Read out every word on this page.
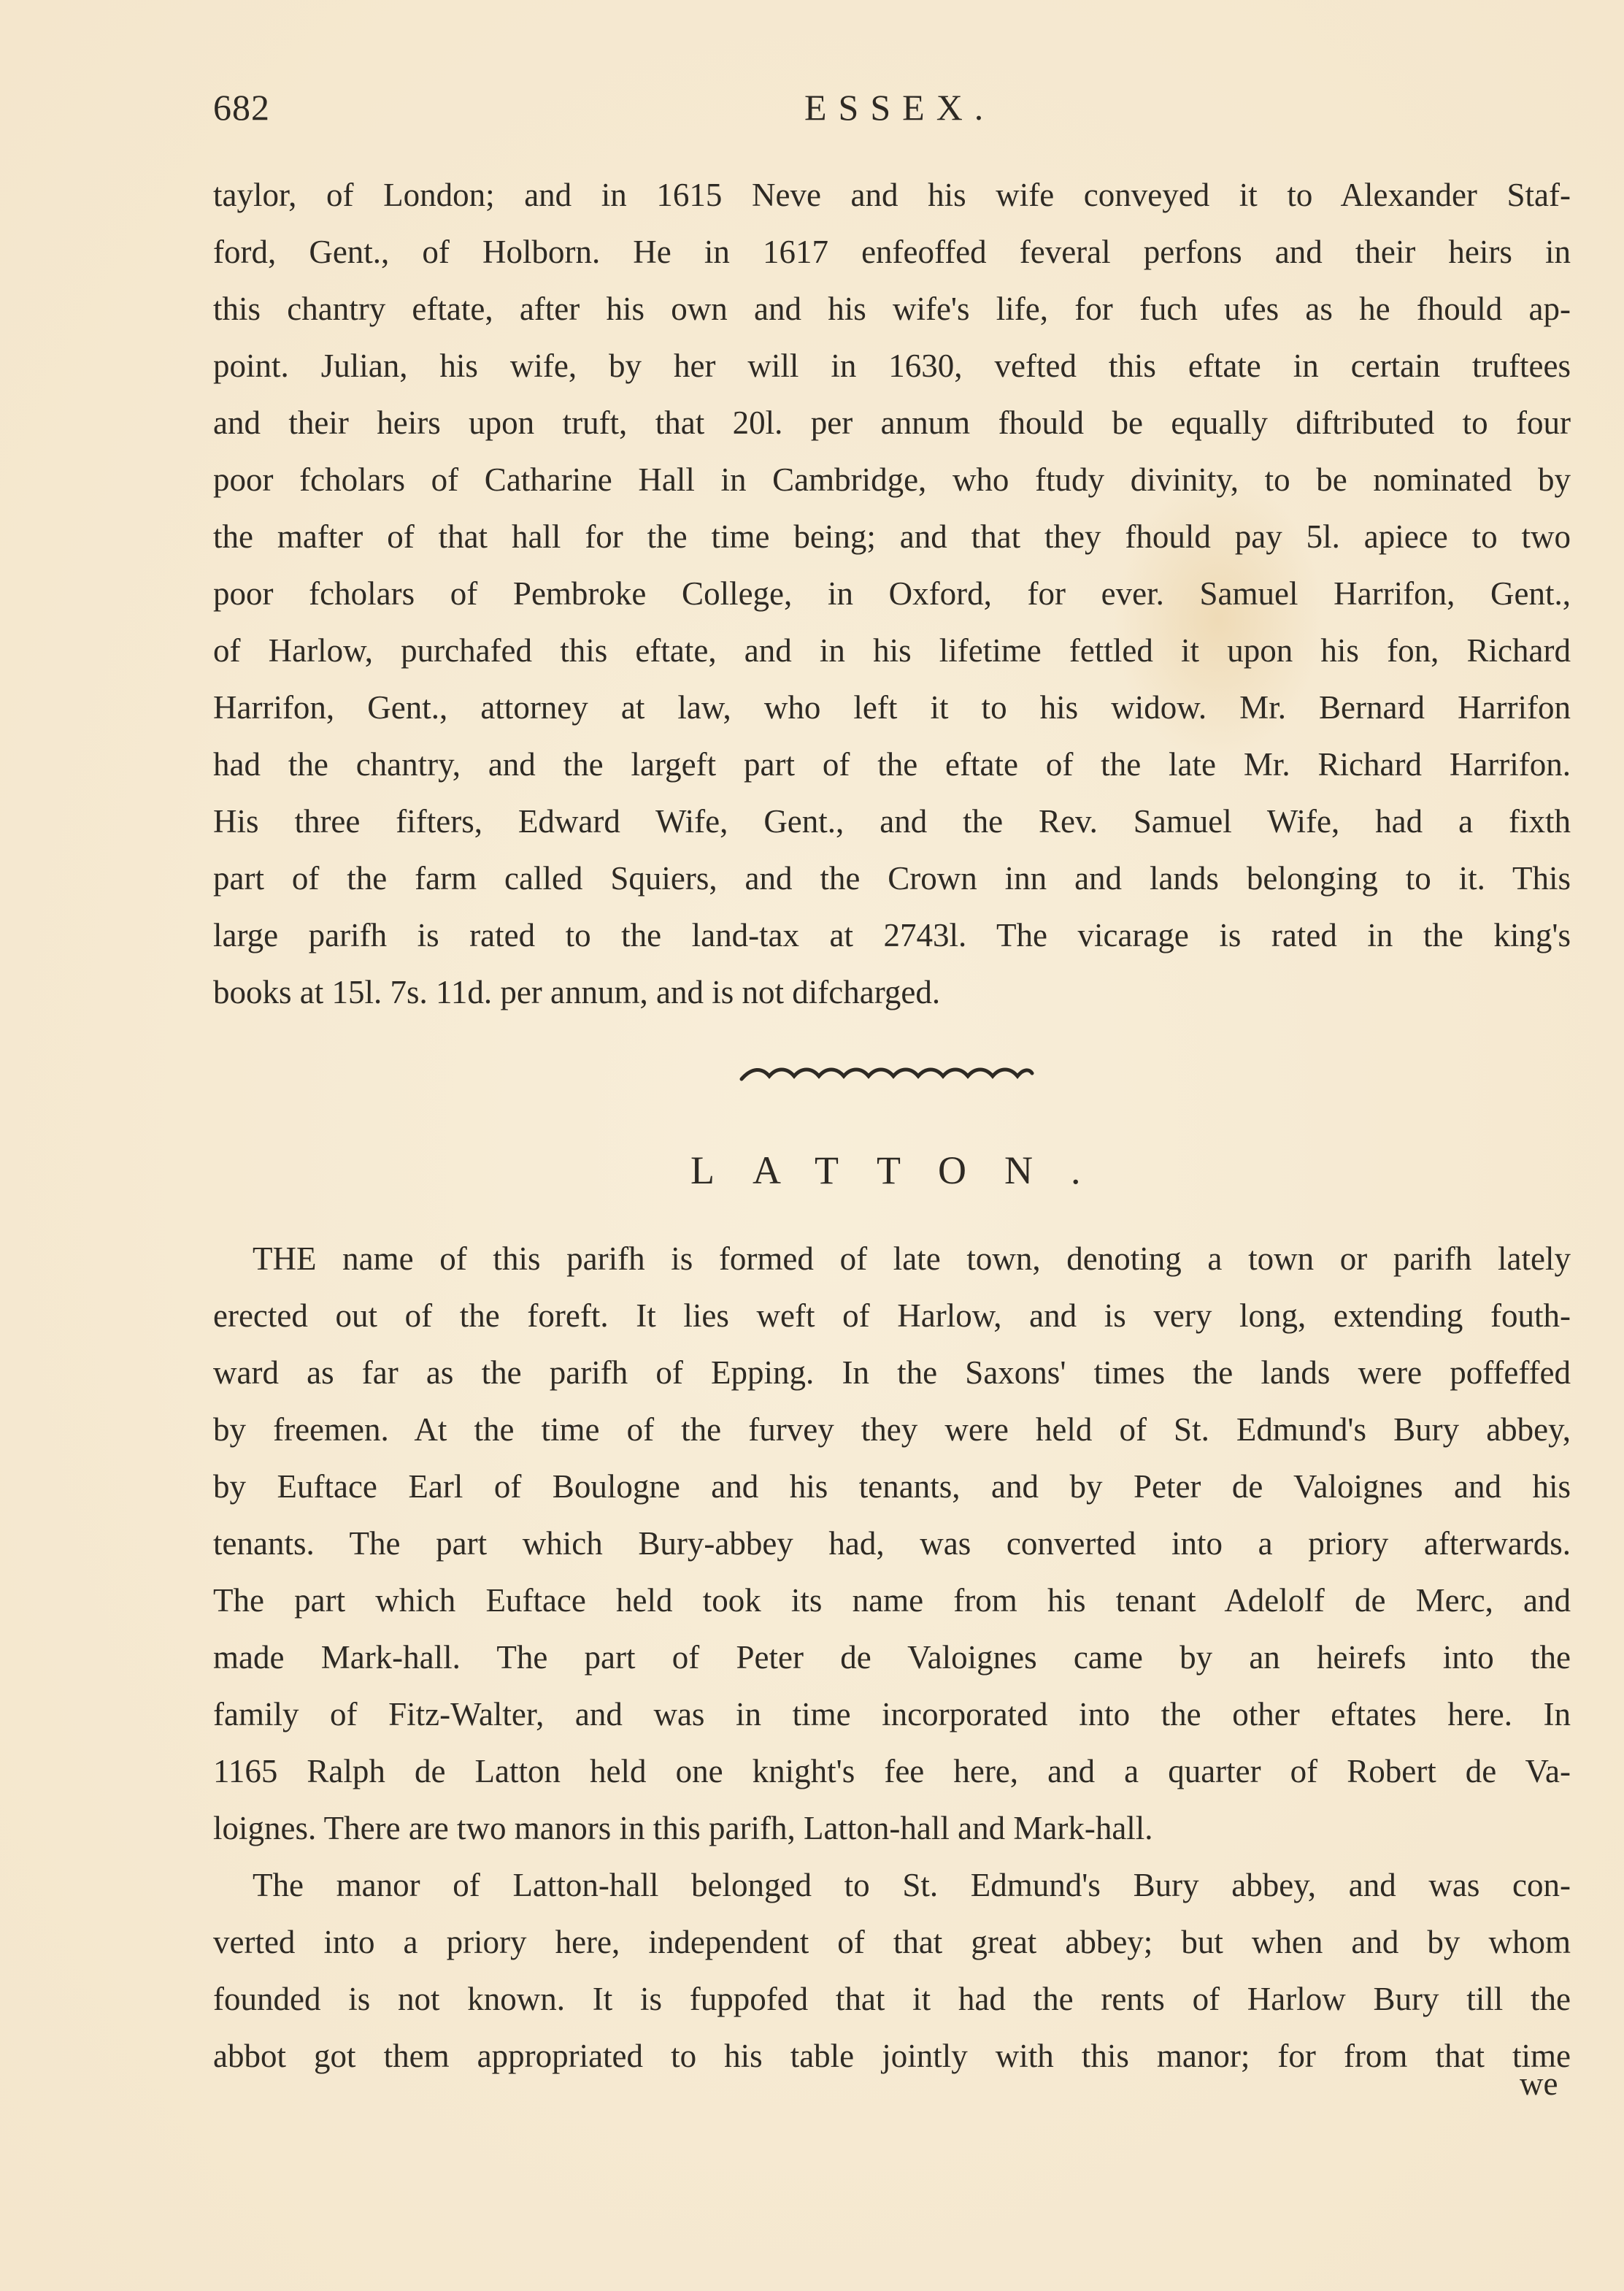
682	ESSEX.
taylor, of London; and in 1615 Neve and his wife conveyed it to Alexander Staf-
ford, Gent., of Holborn. He in 1617 enfeoffed feveral perfons and their heirs in
this chantry eftate, after his own and his wife's life, for fuch ufes as he fhould ap-
point. Julian, his wife, by her will in 1630, vefted this eftate in certain truftees
and their heirs upon truft, that 20l. per annum fhould be equally diftributed to four
poor fcholars of Catharine Hall in Cambridge, who ftudy divinity, to be nominated by
the mafter of that hall for the time being; and that they fhould pay 5l. apiece to two
poor fcholars of Pembroke College, in Oxford, for ever. Samuel Harrifon, Gent.,
of Harlow, purchafed this eftate, and in his lifetime fettled it upon his fon, Richard
Harrifon, Gent., attorney at law, who left it to his widow. Mr. Bernard Harrifon
had the chantry, and the largeft part of the eftate of the late Mr. Richard Harrifon.
His three fifters, Edward Wife, Gent., and the Rev. Samuel Wife, had a fixth
part of the farm called Squiers, and the Crown inn and lands belonging to it. This
large parifh is rated to the land-tax at 2743l. The vicarage is rated in the king's
books at 15l. 7s. 11d. per annum, and is not difcharged.
LATTON.
THE name of this parifh is formed of late town, denoting a town or parifh lately
erected out of the foreft. It lies weft of Harlow, and is very long, extending fouth-
ward as far as the parifh of Epping. In the Saxons' times the lands were poffeffed
by freemen. At the time of the furvey they were held of St. Edmund's Bury abbey,
by Euftace Earl of Boulogne and his tenants, and by Peter de Valoignes and his
tenants. The part which Bury-abbey had, was converted into a priory afterwards.
The part which Euftace held took its name from his tenant Adelolf de Merc, and
made Mark-hall. The part of Peter de Valoignes came by an heirefs into the
family of Fitz-Walter, and was in time incorporated into the other eftates here. In
1165 Ralph de Latton held one knight's fee here, and a quarter of Robert de Va-
loignes. There are two manors in this parifh, Latton-hall and Mark-hall.
The manor of Latton-hall belonged to St. Edmund's Bury abbey, and was con-
verted into a priory here, independent of that great abbey; but when and by whom
founded is not known. It is fuppofed that it had the rents of Harlow Bury till the
abbot got them appropriated to his table jointly with this manor; for from that time
we
